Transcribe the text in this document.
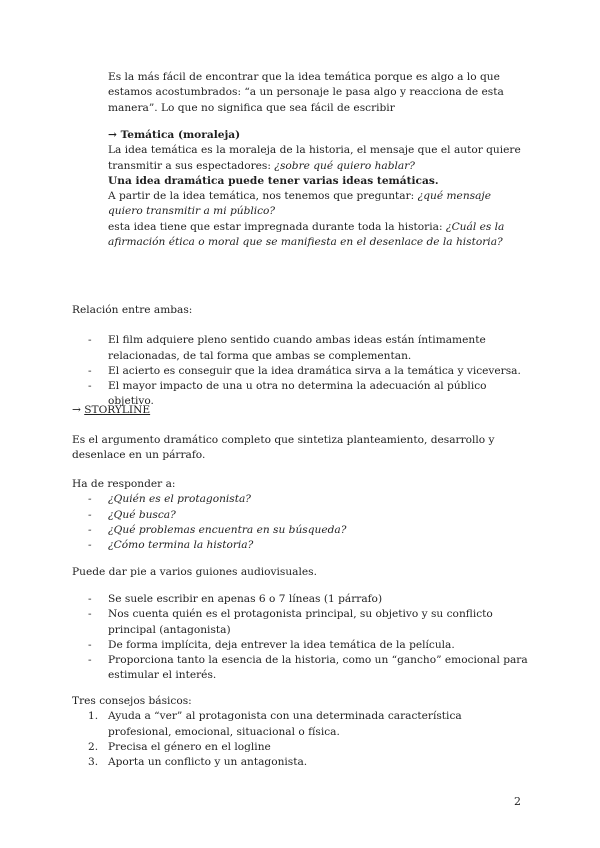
Es la más fácil de encontrar que la idea temática porque es algo a lo que estamos acostumbrados: “a un personaje le pasa algo y reacciona de esta manera”. Lo que no significa que sea fácil de escribir

→ Temática (moraleja)

La idea temática es la moraleja de la historia, el mensaje que el autor quiere transmitir a sus espectadores: ¿sobre qué quiero hablar?

Una idea dramática puede tener varias ideas temáticas.

A partir de la idea temática, nos tenemos que preguntar: ¿qué mensaje quiero transmitir a mi público?

esta idea tiene que estar impregnada durante toda la historia: ¿Cuál es la afirmación ética o moral que se manifiesta en el desenlace de la historia?

Relación entre ambas:

- El film adquiere pleno sentido cuando ambas ideas están íntimamente relacionadas, de tal forma que ambas se complementan.
- El acierto es conseguir que la idea dramática sirva a la temática y viceversa.
- El mayor impacto de una u otra no determina la adecuación al público objetivo.

→ STORYLINE

Es el argumento dramático completo que sintetiza planteamiento, desarrollo y desenlace en un párrafo.

Ha de responder a:

- ¿Quién es el protagonista?
- ¿Qué busca?
- ¿Qué problemas encuentra en su búsqueda?
- ¿Cómo termina la historia?

Puede dar pie a varios guiones audiovisuales.

- Se suele escribir en apenas 6 o 7 líneas (1 párrafo)
- Nos cuenta quién es el protagonista principal, su objetivo y su conflicto principal (antagonista)
- De forma implícita, deja entrever la idea temática de la película.
- Proporciona tanto la esencia de la historia, como un “gancho” emocional para estimular el interés.

Tres consejos básicos:

1. Ayuda a “ver” al protagonista con una determinada característica profesional, emocional, situacional o física.
2. Precisa el género en el logline
3. Aporta un conflicto y un antagonista.
2
